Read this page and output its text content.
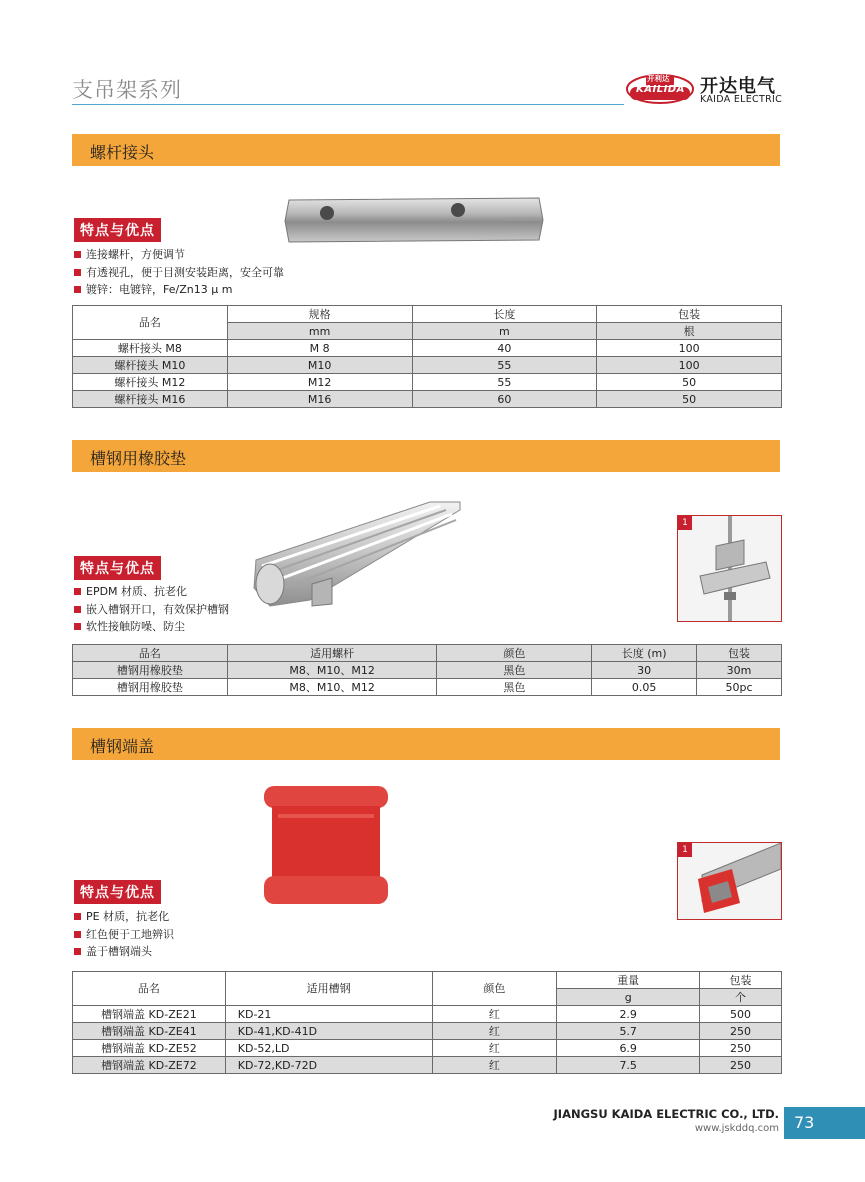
支吊架系列	开利达
KAILIDA 开达电气
KAIDA ELECTRIC
螺杆接头
特点与优点
连接螺杆，方便调节
有透视孔，便于目测安装距离，安全可靠
镀锌：电镀锌，Fe/Zn13 μ m
品名	规格	长度	包装
	mm	m	根
螺杆接头 M8	M 8	40	100
螺杆接头 M10	M10	55	100
螺杆接头 M12	M12	55	50
螺杆接头 M16	M16	60	50
槽钢用橡胶垫
1
特点与优点
EPDM 材质、抗老化
嵌入槽钢开口，有效保护槽钢
软性接触防噪、防尘
品名	适用螺杆	颜色	长度 (m)	包装
槽钢用橡胶垫	M8、M10、M12	黑色	30	30m
槽钢用橡胶垫	M8、M10、M12	黑色	0.05	50pc
槽钢端盖
1
特点与优点
PE 材质，抗老化
红色便于工地辨识
盖于槽钢端头
品名	适用槽钢	颜色	重量	包装
			g	个
槽钢端盖 KD-ZE21	KD-21	红	2.9	500
槽钢端盖 KD-ZE41	KD-41,KD-41D	红	5.7	250
槽钢端盖 KD-ZE52	KD-52,LD	红	6.9	250
槽钢端盖 KD-ZE72	KD-72,KD-72D	红	7.5	250
JIANGSU KAIDA ELECTRIC CO., LTD.
www.jskddq.com 73
